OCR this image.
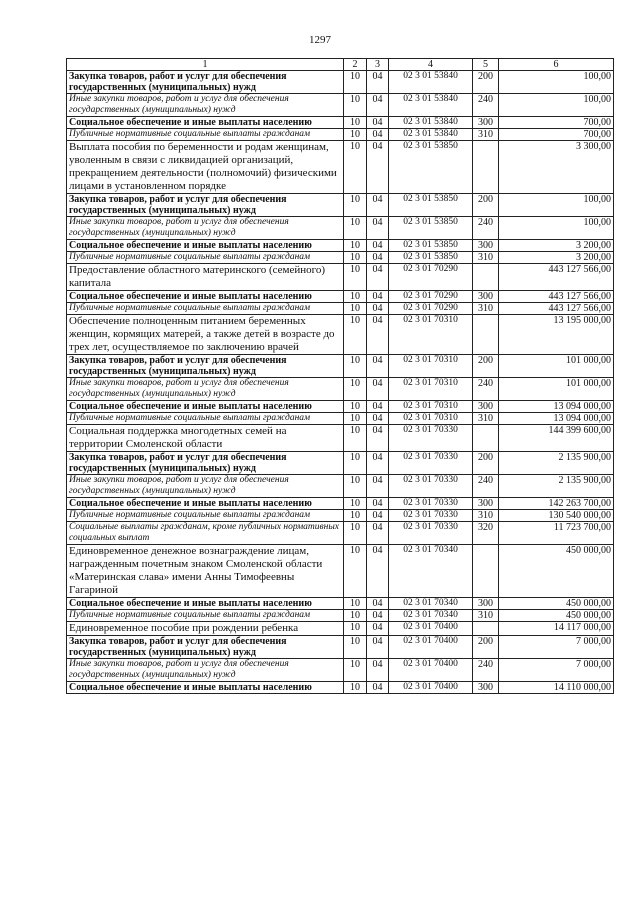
1297
1	2	3	4	5	6
Закупка товаров, работ и услуг для обеспечения государственных (муниципальных) нужд	10	04	02 3 01 53840	200	100,00
Иные закупки товаров, работ и услуг для обеспечения государственных (муниципальных) нужд	10	04	02 3 01 53840	240	100,00
Социальное обеспечение и иные выплаты населению	10	04	02 3 01 53840	300	700,00
Публичные нормативные социальные выплаты гражданам	10	04	02 3 01 53840	310	700,00
Выплата пособия по беременности и родам женщинам, уволенным в связи с ликвидацией организаций, прекращением деятельности (полномочий) физическими лицами в установленном порядке	10	04	02 3 01 53850		3 300,00
Закупка товаров, работ и услуг для обеспечения государственных (муниципальных) нужд	10	04	02 3 01 53850	200	100,00
Иные закупки товаров, работ и услуг для обеспечения государственных (муниципальных) нужд	10	04	02 3 01 53850	240	100,00
Социальное обеспечение и иные выплаты населению	10	04	02 3 01 53850	300	3 200,00
Публичные нормативные социальные выплаты гражданам	10	04	02 3 01 53850	310	3 200,00
Предоставление областного материнского (семейного) капитала	10	04	02 3 01 70290		443 127 566,00
Социальное обеспечение и иные выплаты населению	10	04	02 3 01 70290	300	443 127 566,00
Публичные нормативные социальные выплаты гражданам	10	04	02 3 01 70290	310	443 127 566,00
Обеспечение полноценным питанием беременных женщин, кормящих матерей, а также детей в возрасте до трех лет, осуществляемое по заключению врачей	10	04	02 3 01 70310		13 195 000,00
Закупка товаров, работ и услуг для обеспечения государственных (муниципальных) нужд	10	04	02 3 01 70310	200	101 000,00
Иные закупки товаров, работ и услуг для обеспечения государственных (муниципальных) нужд	10	04	02 3 01 70310	240	101 000,00
Социальное обеспечение и иные выплаты населению	10	04	02 3 01 70310	300	13 094 000,00
Публичные нормативные социальные выплаты гражданам	10	04	02 3 01 70310	310	13 094 000,00
Социальная поддержка многодетных семей на территории Смоленской области	10	04	02 3 01 70330		144 399 600,00
Закупка товаров, работ и услуг для обеспечения государственных (муниципальных) нужд	10	04	02 3 01 70330	200	2 135 900,00
Иные закупки товаров, работ и услуг для обеспечения государственных (муниципальных) нужд	10	04	02 3 01 70330	240	2 135 900,00
Социальное обеспечение и иные выплаты населению	10	04	02 3 01 70330	300	142 263 700,00
Публичные нормативные социальные выплаты гражданам	10	04	02 3 01 70330	310	130 540 000,00
Социальные выплаты гражданам, кроме публичных нормативных социальных выплат	10	04	02 3 01 70330	320	11 723 700,00
Единовременное денежное вознаграждение лицам, награжденным почетным знаком Смоленской области «Материнская слава» имени Анны Тимофеевны Гагариной	10	04	02 3 01 70340		450 000,00
Социальное обеспечение и иные выплаты населению	10	04	02 3 01 70340	300	450 000,00
Публичные нормативные социальные выплаты гражданам	10	04	02 3 01 70340	310	450 000,00
Единовременное пособие при рождении ребенка	10	04	02 3 01 70400		14 117 000,00
Закупка товаров, работ и услуг для обеспечения государственных (муниципальных) нужд	10	04	02 3 01 70400	200	7 000,00
Иные закупки товаров, работ и услуг для обеспечения государственных (муниципальных) нужд	10	04	02 3 01 70400	240	7 000,00
Социальное обеспечение и иные выплаты населению	10	04	02 3 01 70400	300	14 110 000,00
